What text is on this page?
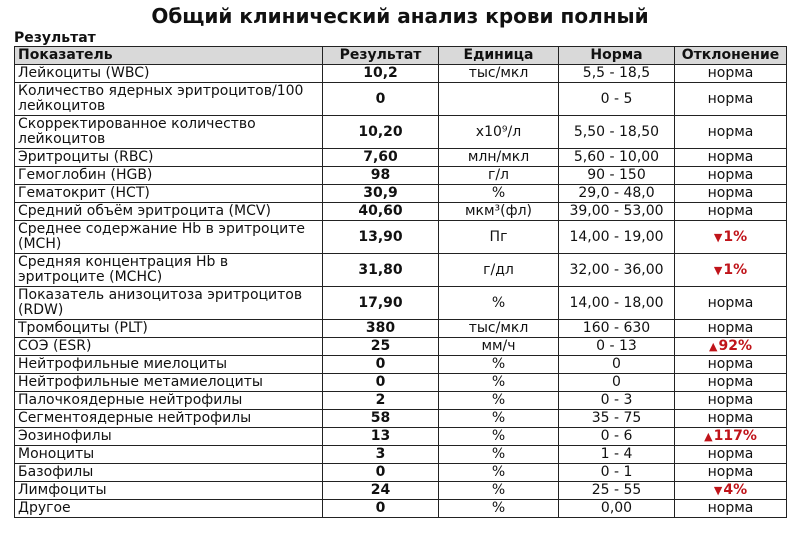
Общий клинический анализ крови полный
Результат
Показатель	Результат	Единица	Норма	Отклонение
Лейкоциты (WBC)	10,2	тыс/мкл	5,5 - 18,5	норма
Количество ядерных эритроцитов/100 лейкоцитов	0		0 - 5	норма
Скорректированное количество лейкоцитов	10,20	x10⁹/л	5,50 - 18,50	норма
Эритроциты (RBC)	7,60	млн/мкл	5,60 - 10,00	норма
Гемоглобин (HGB)	98	г/л	90 - 150	норма
Гематокрит (HCT)	30,9	%	29,0 - 48,0	норма
Средний объём эритроцита (MCV)	40,60	мкм³(фл)	39,00 - 53,00	норма
Среднее содержание Hb в эритроците (MCH)	13,90	Пг	14,00 - 19,00	▼1%
Средняя концентрация Hb в эритроците (MCHC)	31,80	г/дл	32,00 - 36,00	▼1%
Показатель анизоцитоза эритроцитов (RDW)	17,90	%	14,00 - 18,00	норма
Тромбоциты (PLT)	380	тыс/мкл	160 - 630	норма
СОЭ (ESR)	25	мм/ч	0 - 13	▲92%
Нейтрофильные миелоциты	0	%	0	норма
Нейтрофильные метамиелоциты	0	%	0	норма
Палочкоядерные нейтрофилы	2	%	0 - 3	норма
Сегментоядерные нейтрофилы	58	%	35 - 75	норма
Эозинофилы	13	%	0 - 6	▲117%
Моноциты	3	%	1 - 4	норма
Базофилы	0	%	0 - 1	норма
Лимфоциты	24	%	25 - 55	▼4%
Другое	0	%	0,00	норма
